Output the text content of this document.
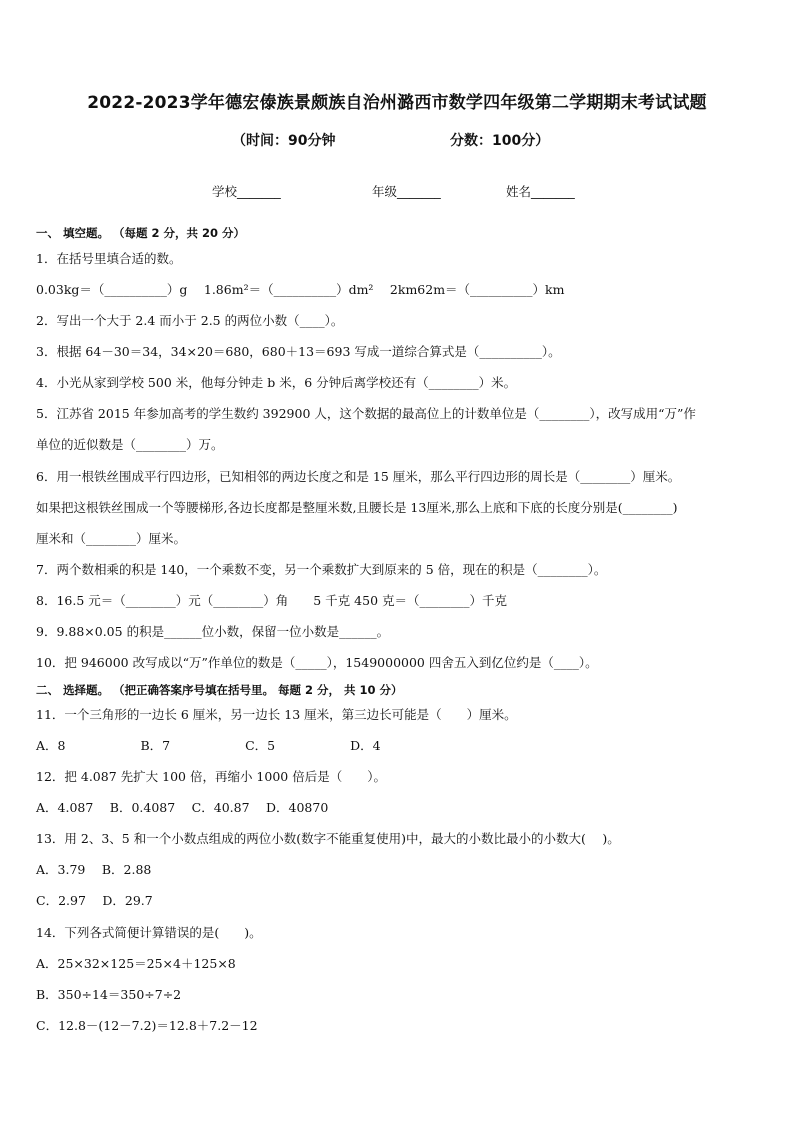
2022-2023学年德宏傣族景颇族自治州潞西市数学四年级第二学期期末考试试题
（时间：90分钟	分数：100分）
学校_______	年级_______	姓名_______
一、 填空题。 （每题 2 分，共 20 分）
1．在括号里填合适的数。
0.03kg＝（__________）g　 1.86m²＝（__________）dm²　 2km62m＝（__________）km
2．写出一个大于 2.4 而小于 2.5 的两位小数（____）。
3．根据 64－30＝34，34×20＝680，680＋13＝693 写成一道综合算式是（__________）。
4．小光从家到学校 500 米，他每分钟走 b 米，6 分钟后离学校还有（________）米。
5．江苏省 2015 年参加高考的学生数约 392900 人，这个数据的最高位上的计数单位是（________），改写成用“万”作
单位的近似数是（________）万。
6．用一根铁丝围成平行四边形，已知相邻的两边长度之和是 15 厘米，那么平行四边形的周长是（________）厘米。
如果把这根铁丝围成一个等腰梯形,各边长度都是整厘米数,且腰长是 13厘米,那么上底和下底的长度分别是(________)
厘米和（________）厘米。
7．两个数相乘的积是 140，一个乘数不变，另一个乘数扩大到原来的 5 倍，现在的积是（________）。
8．16.5 元＝（________）元（________）角　　5 千克 450 克＝（________）千克
9．9.88×0.05 的积是______位小数，保留一位小数是______。
10．把 946000 改写成以“万”作单位的数是（_____），1549000000 四舍五入到亿位约是（____）。
二、 选择题。 （把正确答案序号填在括号里。 每题 2 分， 共 10 分）
11．一个三角形的一边长 6 厘米，另一边长 13 厘米，第三边长可能是（　　）厘米。
A．8　　　　　　B．7　　　　　　C．5　　　　　　D．4
12．把 4.087 先扩大 100 倍，再缩小 1000 倍后是（　　）。
A．4.087　 B．0.4087　 C．40.87　 D．40870
13．用 2、3、5 和一个小数点组成的两位小数(数字不能重复使用)中，最大的小数比最小的小数大(　 )。
A．3.79　 B．2.88
C．2.97　 D．29.7
14．下列各式简便计算错误的是(　　)。
A．25×32×125＝25×4＋125×8
B．350÷14＝350÷7÷2
C．12.8－(12－7.2)＝12.8＋7.2－12
